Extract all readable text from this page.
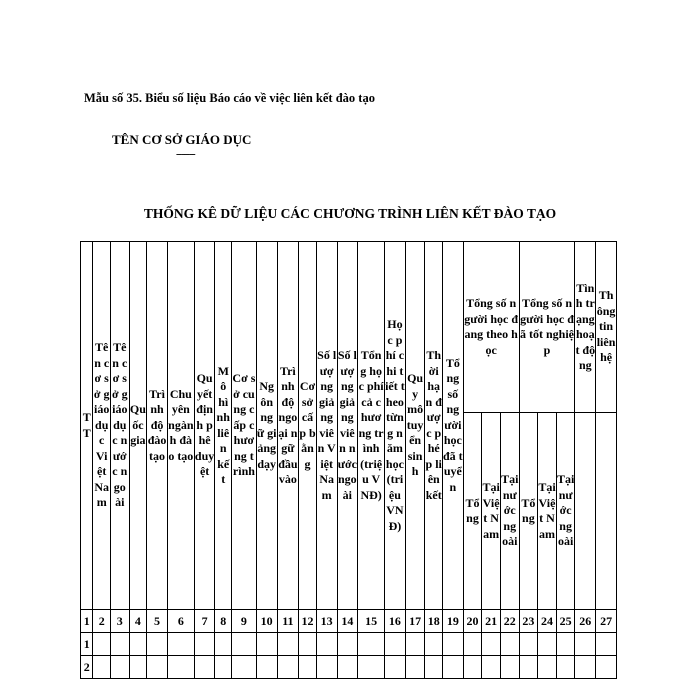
Mẫu số 35. Biểu số liệu Báo cáo về việc liên kết đào tạo
TÊN CƠ SỞ GIÁO DỤC
-------
THỐNG KÊ DỮ LIỆU CÁC CHƯƠNG TRÌNH LIÊN KẾT ĐÀO TẠO
TT	Tên cơ sở giáo dục Việt Nam	Tên cơ sở giáo dục nước ngoài	Quốc gia	Trình độ đào tạo	Chuyên ngành đào tạo	Quyết định phê duyệt	Mô hình liên kết	Cơ sở cung cấp chương trình	Ngôn ngữ giảng dạy	Trình độ ngoại ngữ đầu vào	Cơ sở cấp bằng	Số lượng giảng viên Việt Nam	Số lượng giảng viên nước ngoài	Tổng học phí cả chương trình (triệu VNĐ)	Học phí chi tiết theo từng năm học (triệu VNĐ)	Quy mô tuyển sinh	Thời hạn được phép liên kết	Tổng số người học đã tuyển	Tổng số người học đang theo học			Tổng số người học đã tốt nghiệp			Tình trạng hoạt động	Thông tin liên hệ
																			Tổng	Tại Việt Nam	Tại nước ngoài	Tổng	Tại Việt Nam	Tại nước ngoài		
1	2	3	4	5	6	7	8	9	10	11	12	13	14	15	16	17	18	19	20	21	22	23	24	25	26	27
1																										
2																										
